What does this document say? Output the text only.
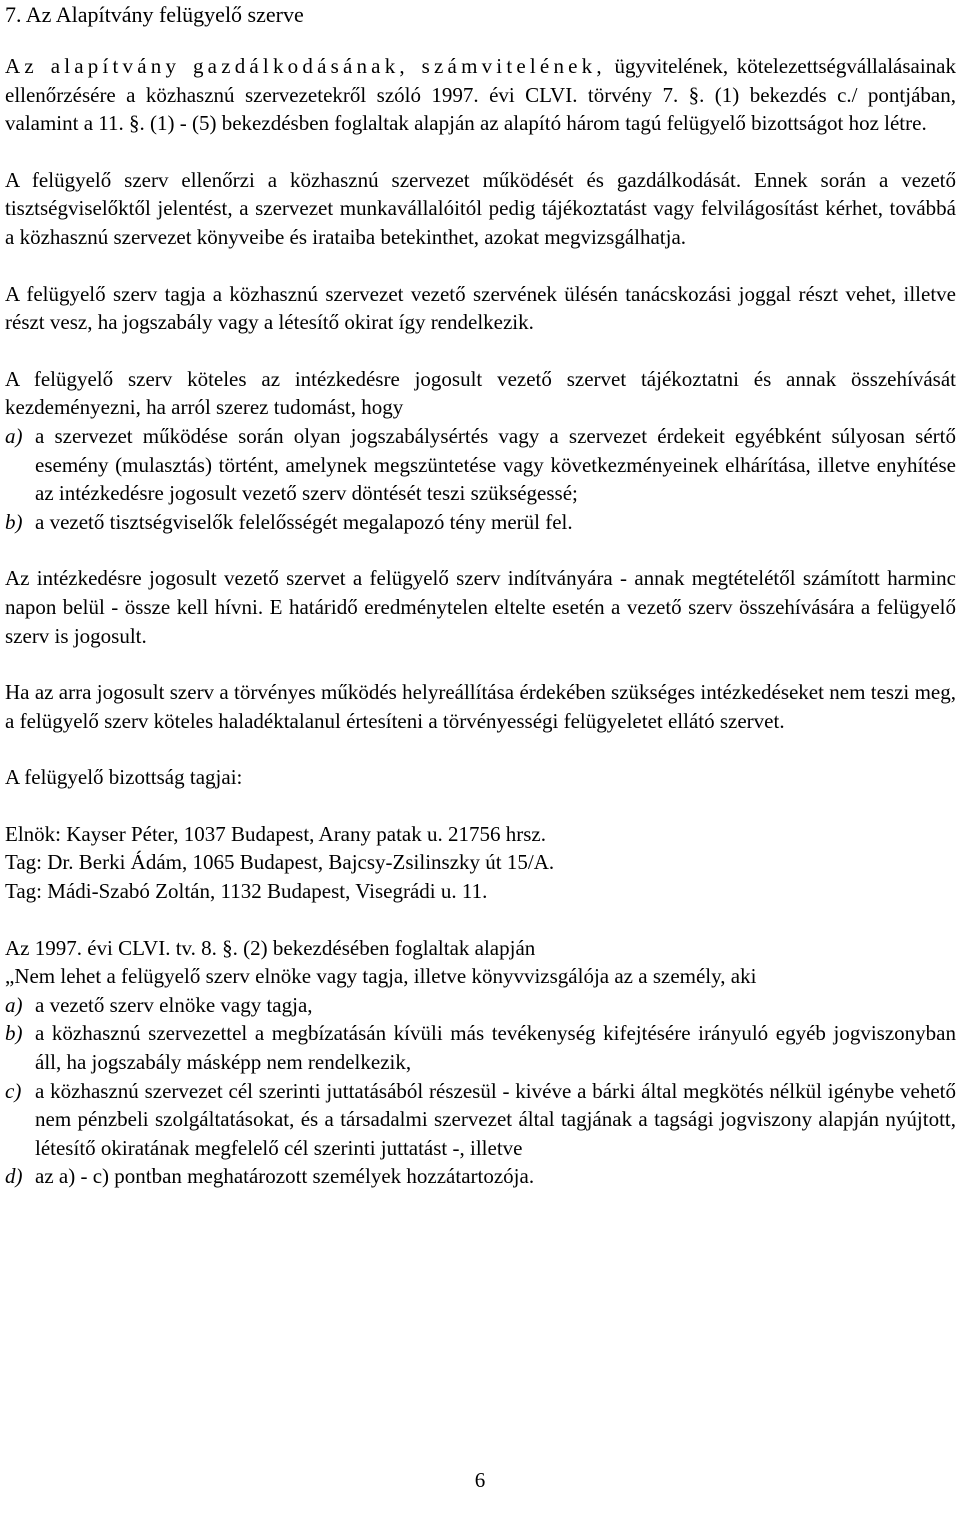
7. Az Alapítvány felügyelő szerve

Az alapítvány gazdálkodásának, számvitelének, ügyvitelének, kötelezettségvállalásainak ellenőrzésére a közhasznú szervezetekről szóló 1997. évi CLVI. törvény 7. §. (1) bekezdés c./ pontjában, valamint a 11. §. (1) - (5) bekezdésben foglaltak alapján az alapító három tagú felügyelő bizottságot hoz létre.

A felügyelő szerv ellenőrzi a közhasznú szervezet működését és gazdálkodását. Ennek során a vezető tisztségviselőktől jelentést, a szervezet munkavállalóitól pedig tájékoztatást vagy felvilágosítást kérhet, továbbá a közhasznú szervezet könyveibe és irataiba betekinthet, azokat megvizsgálhatja.

A felügyelő szerv tagja a közhasznú szervezet vezető szervének ülésén tanácskozási joggal részt vehet, illetve részt vesz, ha jogszabály vagy a létesítő okirat így rendelkezik.

A felügyelő szerv köteles az intézkedésre jogosult vezető szervet tájékoztatni és annak összehívását kezdeményezni, ha arról szerez tudomást, hogy

a) a szervezet működése során olyan jogszabálysértés vagy a szervezet érdekeit egyébként súlyosan sértő esemény (mulasztás) történt, amelynek megszüntetése vagy következményeinek elhárítása, illetve enyhítése az intézkedésre jogosult vezető szerv döntését teszi szükségessé;
b) a vezető tisztségviselők felelősségét megalapozó tény merül fel.

Az intézkedésre jogosult vezető szervet a felügyelő szerv indítványára - annak megtételétől számított harminc napon belül - össze kell hívni. E határidő eredménytelen eltelte esetén a vezető szerv összehívására a felügyelő szerv is jogosult.

Ha az arra jogosult szerv a törvényes működés helyreállítása érdekében szükséges intézkedéseket nem teszi meg, a felügyelő szerv köteles haladéktalanul értesíteni a törvényességi felügyeletet ellátó szervet.

A felügyelő bizottság tagjai:

Elnök: Kayser Péter, 1037 Budapest, Arany patak u. 21756 hrsz.

Tag: Dr. Berki Ádám, 1065 Budapest, Bajcsy-Zsilinszky út 15/A.

Tag: Mádi-Szabó Zoltán, 1132 Budapest, Visegrádi u. 11.

Az 1997. évi CLVI. tv. 8. §. (2) bekezdésében foglaltak alapján

„Nem lehet a felügyelő szerv elnöke vagy tagja, illetve könyvvizsgálója az a személy, aki

a) a vezető szerv elnöke vagy tagja,
b) a közhasznú szervezettel a megbízatásán kívüli más tevékenység kifejtésére irányuló egyéb jogviszonyban áll, ha jogszabály másképp nem rendelkezik,
c) a közhasznú szervezet cél szerinti juttatásából részesül - kivéve a bárki által megkötés nélkül igénybe vehető nem pénzbeli szolgáltatásokat, és a társadalmi szervezet által tagjának a tagsági jogviszony alapján nyújtott, létesítő okiratának megfelelő cél szerinti juttatást -, illetve
d) az a) - c) pontban meghatározott személyek hozzátartozója.
6
